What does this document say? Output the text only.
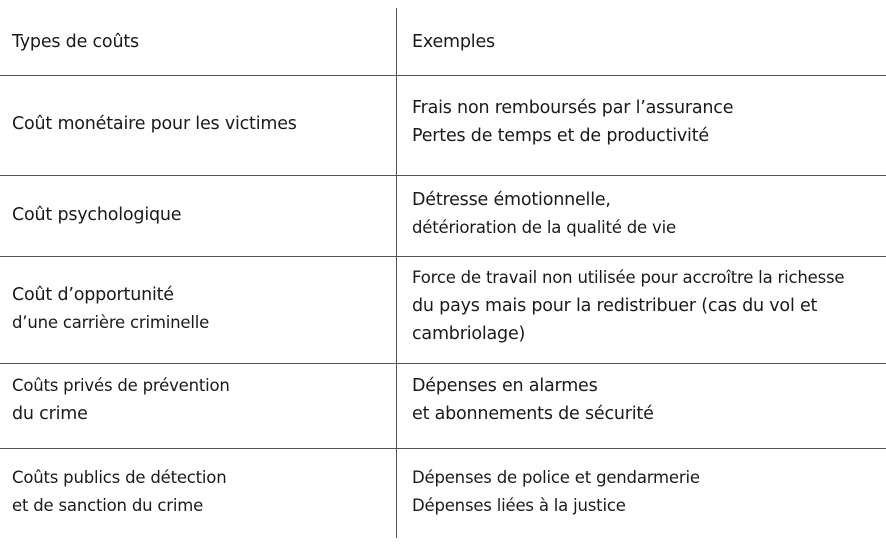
Types de coûts	Exemples
Coût monétaire pour les victimes
Frais non remboursés par l’assurance
Pertes de temps et de productivité
Coût psychologique
Détresse émotionnelle,
détérioration de la qualité de vie
Coût d’opportunité
d’une carrière criminelle
Force de travail non utilisée pour accroître la richesse
du pays mais pour la redistribuer (cas du vol et
cambriolage)
Coûts privés de prévention
du crime
Dépenses en alarmes
et abonnements de sécurité
Coûts publics de détection
et de sanction du crime
Dépenses de police et gendarmerie
Dépenses liées à la justice
